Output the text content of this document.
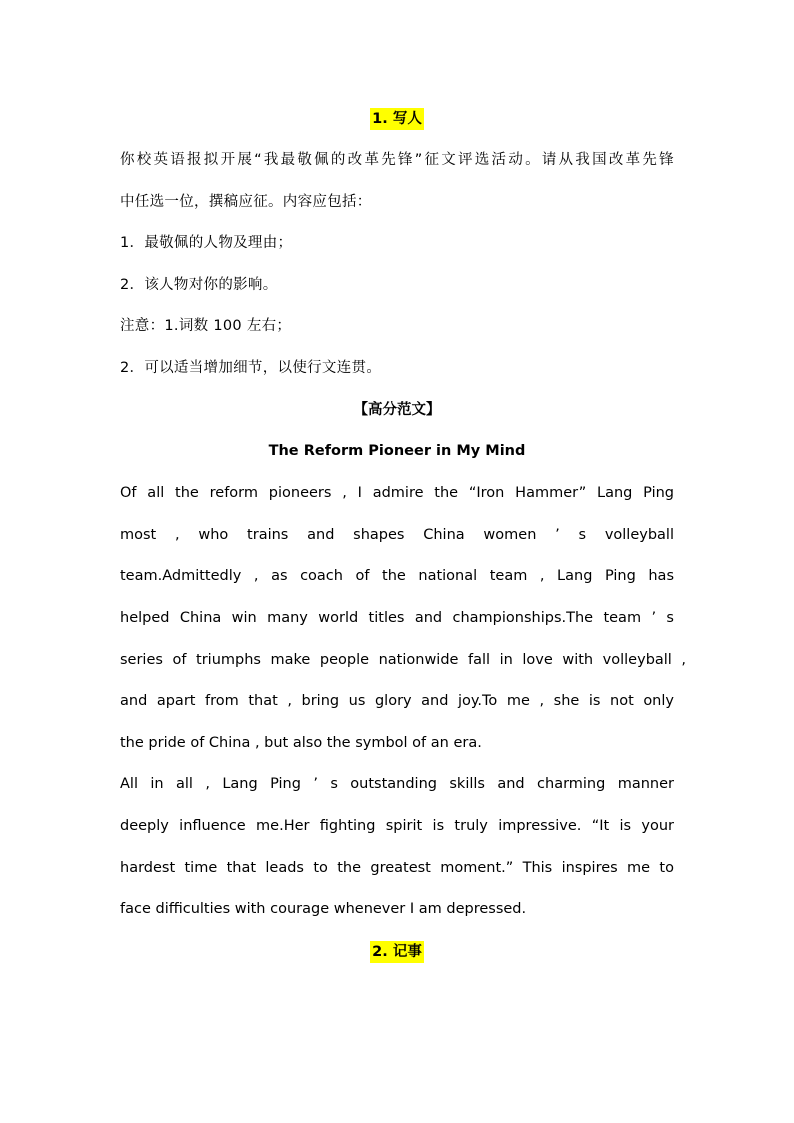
1. 写人
你校英语报拟开展“我最敬佩的改革先锋”征文评选活动。请从我国改革先锋
中任选一位，撰稿应征。内容应包括：
1．最敬佩的人物及理由；
2．该人物对你的影响。
注意：1.词数 100 左右；
2．可以适当增加细节，以使行文连贯。
【高分范文】
The Reform Pioneer in My Mind
Of all the reform pioneers , I admire the “Iron Hammer” Lang Ping
most , who trains and shapes China women ’ s volleyball
team.Admittedly , as coach of the national team , Lang Ping has
helped China win many world titles and championships.The team ’ s
series of triumphs make people nationwide fall in love with volleyball ,
and apart from that , bring us glory and joy.To me , she is not only
the pride of China , but also the symbol of an era.
All in all , Lang Ping ’ s outstanding skills and charming manner
deeply influence me.Her fighting spirit is truly impressive. “It is your
hardest time that leads to the greatest moment.” This inspires me to
face difficulties with courage whenever I am depressed.
2. 记事
